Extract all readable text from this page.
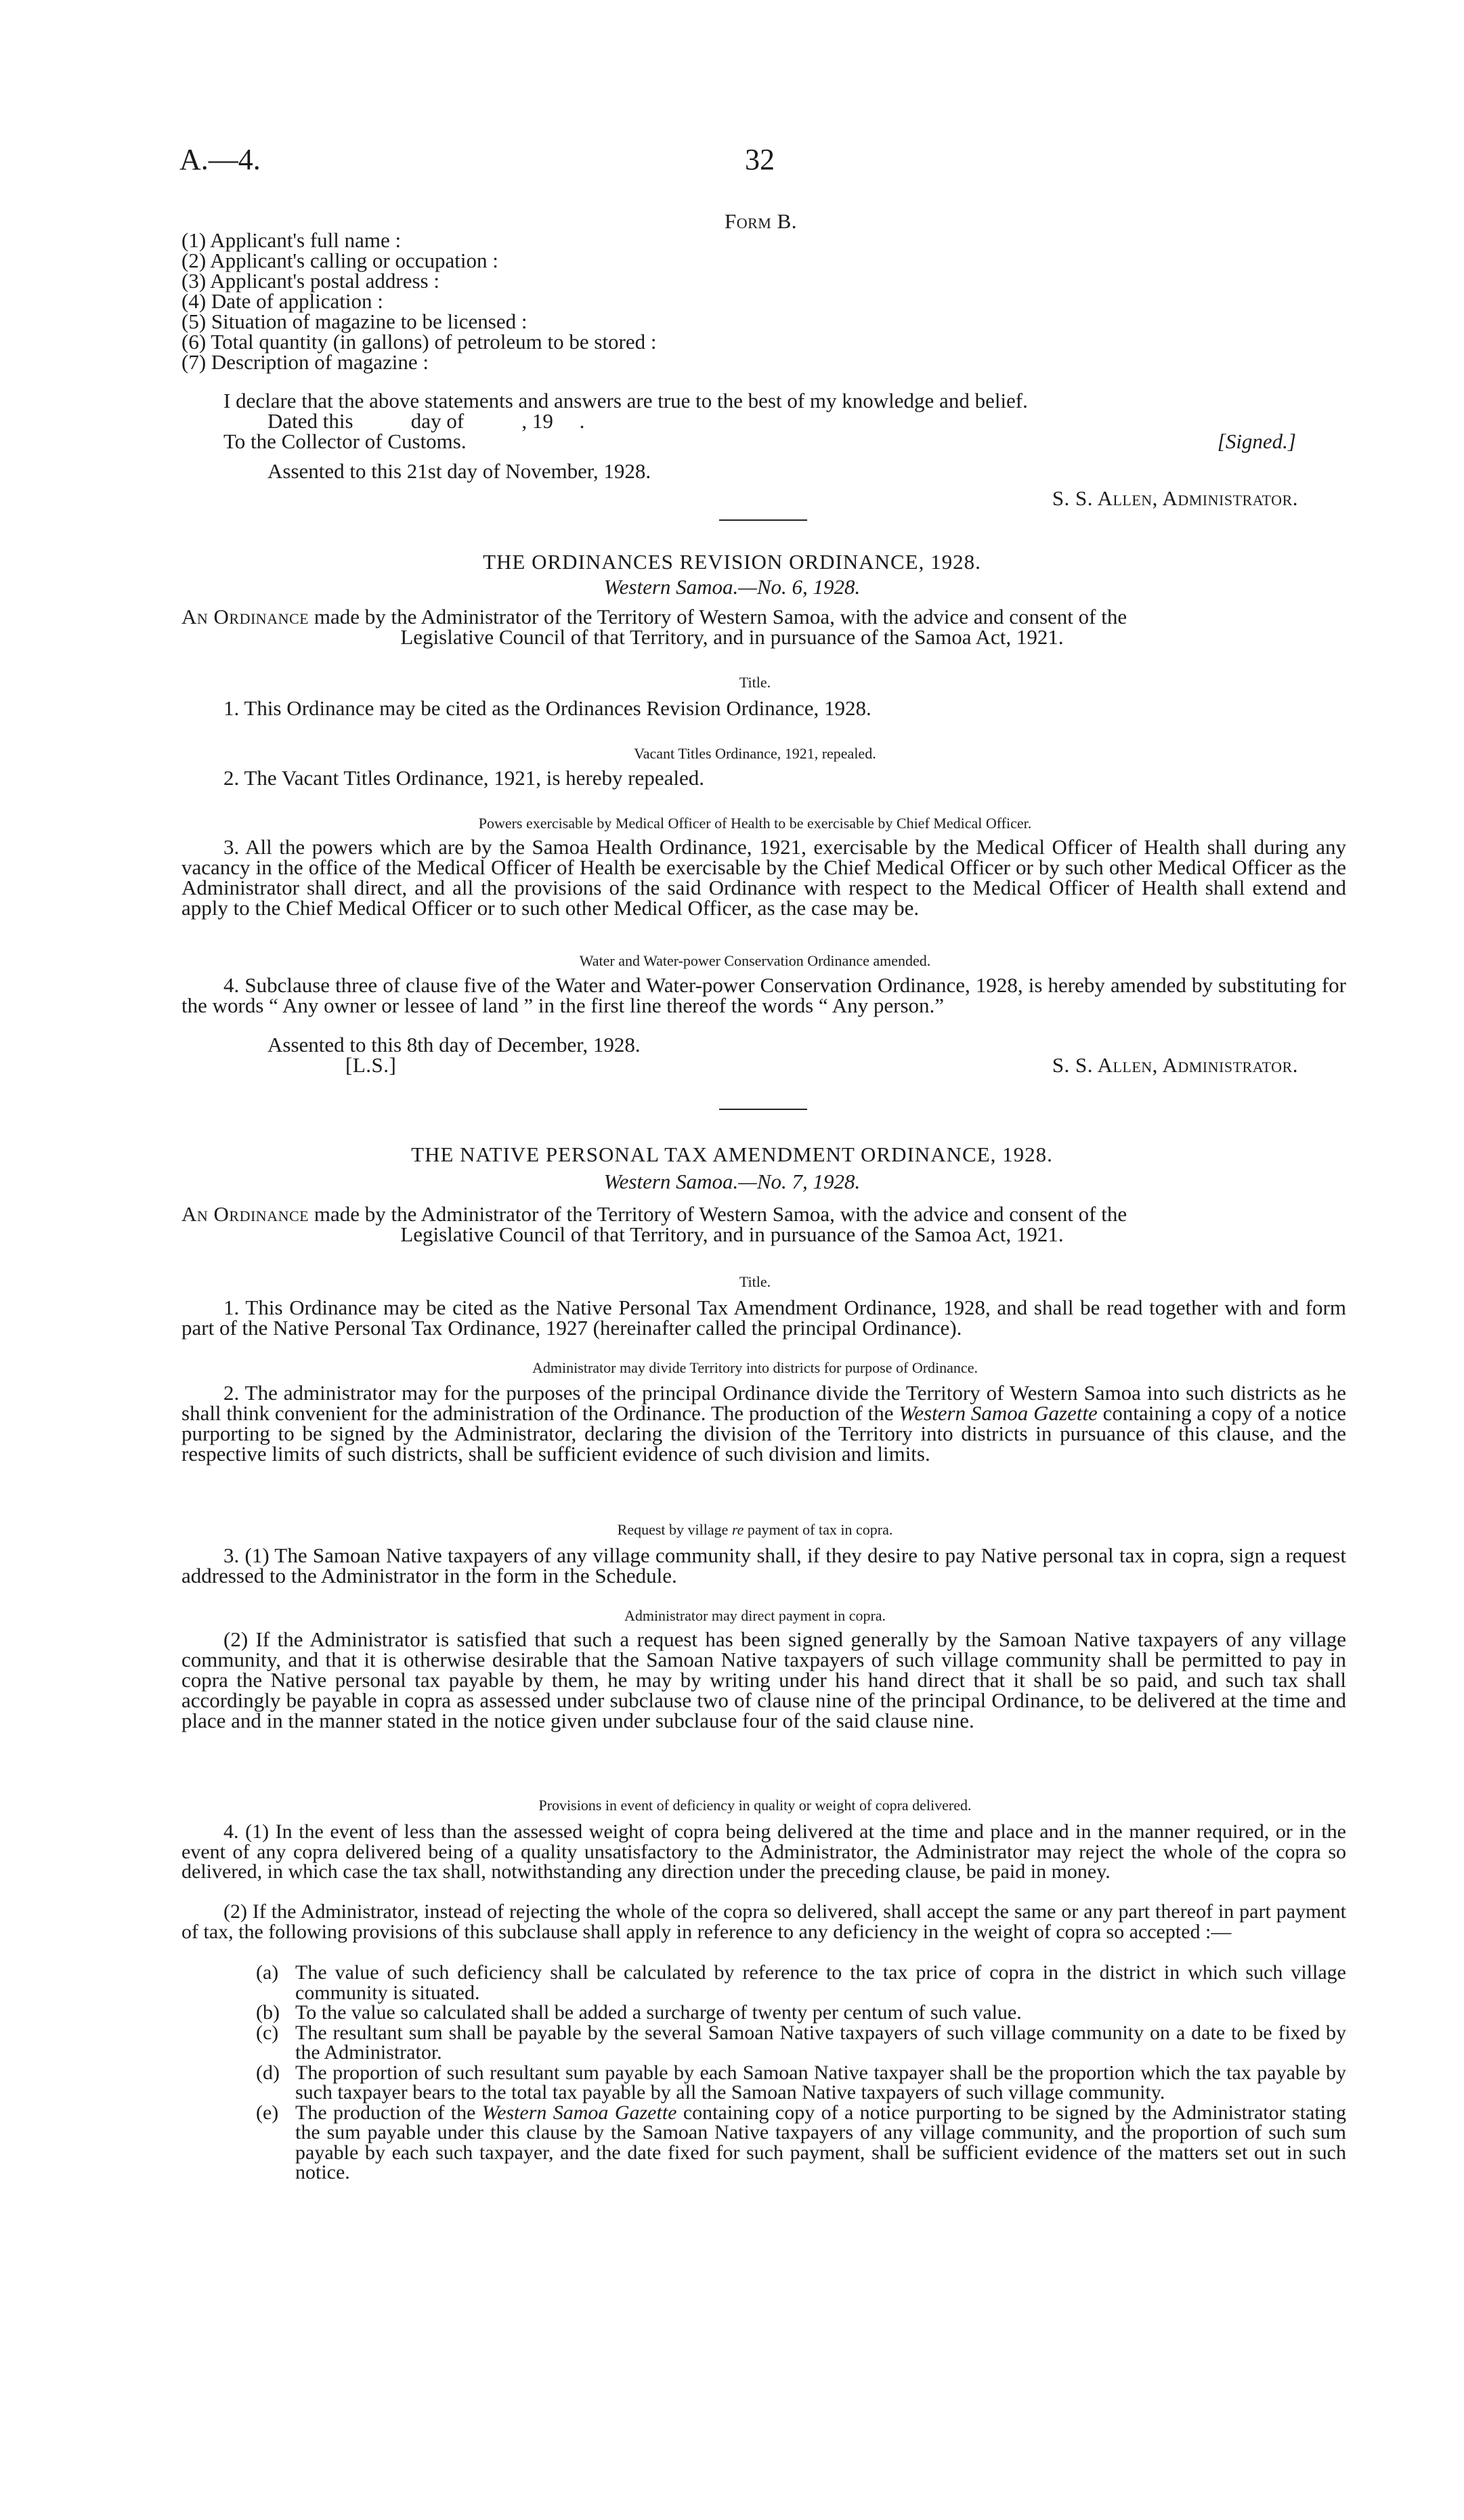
A.—4.	32
Form B.
(1) Applicant's full name :
(2) Applicant's calling or occupation :
(3) Applicant's postal address :
(4) Date of application :
(5) Situation of magazine to be licensed :
(6) Total quantity (in gallons) of petroleum to be stored :
(7) Description of magazine :
I declare that the above statements and answers are true to the best of my knowledge and belief.
Dated this           day of           , 19     .
To the Collector of Customs.	[Signed.]
Assented to this 21st day of November, 1928.
S. S. Allen, Administrator.
THE ORDINANCES REVISION ORDINANCE, 1928.
Western Samoa.—No. 6, 1928.
An Ordinance made by the Administrator of the Territory of Western Samoa, with the advice and consent of the
Legislative Council of that Territory, and in pursuance of the Samoa Act, 1921.
Title.
1. This Ordinance may be cited as the Ordinances Revision Ordinance, 1928.
Vacant Titles Ordinance, 1921, repealed.
2. The Vacant Titles Ordinance, 1921, is hereby repealed.
Powers exercisable by Medical Officer of Health to be exercisable by Chief Medical Officer.
3. All the powers which are by the Samoa Health Ordinance, 1921, exercisable by the Medical Officer of Health shall during any vacancy in the office of the Medical Officer of Health be exercisable by the Chief Medical Officer or by such other Medical Officer as the Administrator shall direct, and all the provisions of the said Ordinance with respect to the Medical Officer of Health shall extend and apply to the Chief Medical Officer or to such other Medical Officer, as the case may be.
Water and Water-power Conservation Ordinance amended.
4. Subclause three of clause five of the Water and Water-power Conservation Ordinance, 1928, is hereby amended by substituting for the words “ Any owner or lessee of land ” in the first line thereof the words “ Any person.”
Assented to this 8th day of December, 1928.
[L.S.]	S. S. Allen, Administrator.
THE NATIVE PERSONAL TAX AMENDMENT ORDINANCE, 1928.
Western Samoa.—No. 7, 1928.
An Ordinance made by the Administrator of the Territory of Western Samoa, with the advice and consent of the
Legislative Council of that Territory, and in pursuance of the Samoa Act, 1921.
Title.
1. This Ordinance may be cited as the Native Personal Tax Amendment Ordinance, 1928, and shall be read together with and form part of the Native Personal Tax Ordinance, 1927 (hereinafter called the principal Ordinance).
Administrator may divide Territory into districts for purpose of Ordinance.
2. The administrator may for the purposes of the principal Ordinance divide the Territory of Western Samoa into such districts as he shall think convenient for the administration of the Ordinance. The production of the Western Samoa Gazette containing a copy of a notice purporting to be signed by the Administrator, declaring the division of the Territory into districts in pursuance of this clause, and the respective limits of such districts, shall be sufficient evidence of such division and limits.
Request by village re payment of tax in copra.
3. (1) The Samoan Native taxpayers of any village community shall, if they desire to pay Native personal tax in copra, sign a request addressed to the Administrator in the form in the Schedule.
Administrator may direct payment in copra.
(2) If the Administrator is satisfied that such a request has been signed generally by the Samoan Native taxpayers of any village community, and that it is otherwise desirable that the Samoan Native taxpayers of such village community shall be permitted to pay in copra the Native personal tax payable by them, he may by writing under his hand direct that it shall be so paid, and such tax shall accordingly be payable in copra as assessed under subclause two of clause nine of the principal Ordinance, to be delivered at the time and place and in the manner stated in the notice given under subclause four of the said clause nine.
Provisions in event of deficiency in quality or weight of copra delivered.
4. (1) In the event of less than the assessed weight of copra being delivered at the time and place and in the manner required, or in the event of any copra delivered being of a quality unsatisfactory to the Administrator, the Administrator may reject the whole of the copra so delivered, in which case the tax shall, notwithstanding any direction under the preceding clause, be paid in money.
(2) If the Administrator, instead of rejecting the whole of the copra so delivered, shall accept the same or any part thereof in part payment of tax, the following provisions of this subclause shall apply in reference to any deficiency in the weight of copra so accepted :—
(a) The value of such deficiency shall be calculated by reference to the tax price of copra in the district in which such village community is situated.
(b) To the value so calculated shall be added a surcharge of twenty per centum of such value.
(c) The resultant sum shall be payable by the several Samoan Native taxpayers of such village community on a date to be fixed by the Administrator.
(d) The proportion of such resultant sum payable by each Samoan Native taxpayer shall be the proportion which the tax payable by such taxpayer bears to the total tax payable by all the Samoan Native taxpayers of such village community.
(e) The production of the Western Samoa Gazette containing copy of a notice purporting to be signed by the Administrator stating the sum payable under this clause by the Samoan Native taxpayers of any village community, and the proportion of such sum payable by each such taxpayer, and the date fixed for such payment, shall be sufficient evidence of the matters set out in such notice.
